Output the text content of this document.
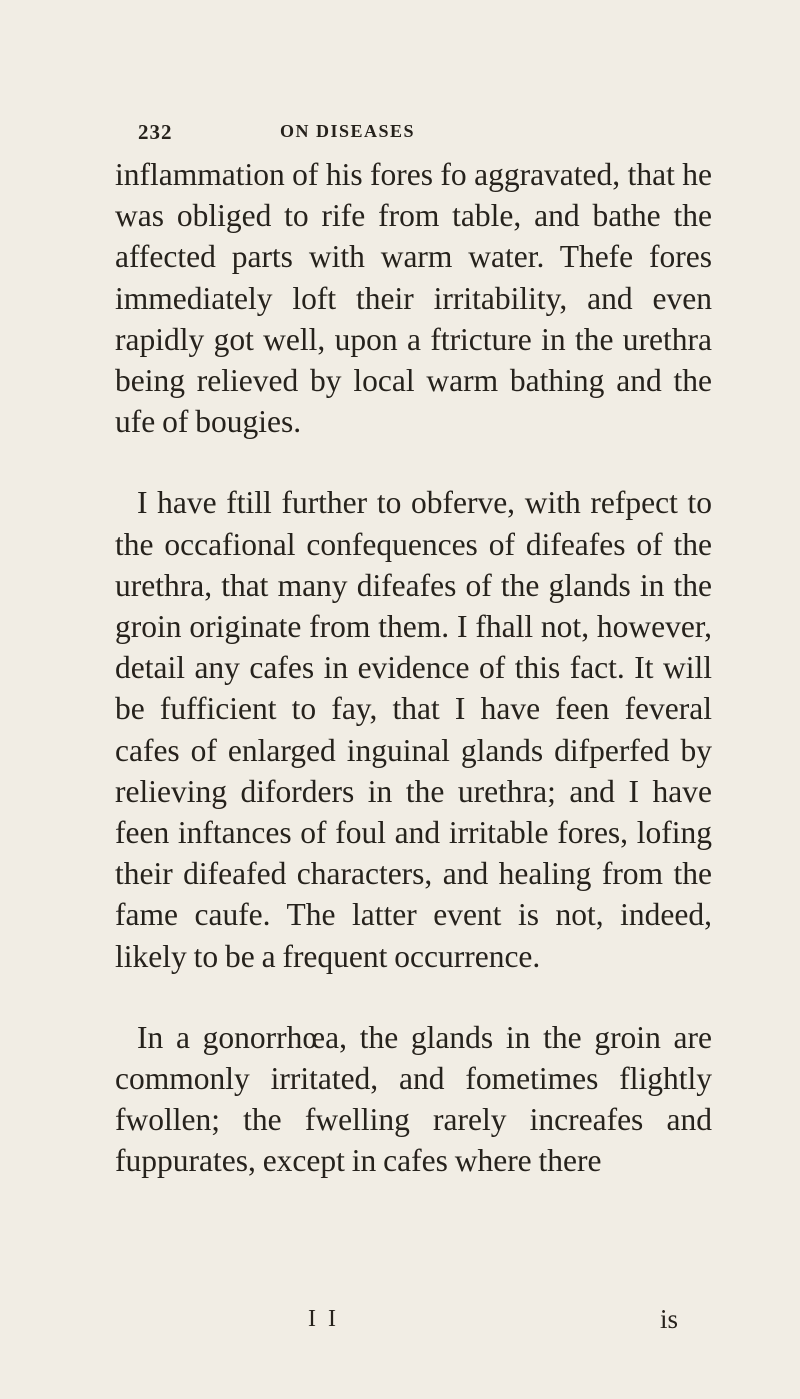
232	ON DISEASES

inflammation of his fores fo aggravated, that he was obliged to rife from table, and bathe the affected parts with warm water. Thefe fores immediately loft their irritability, and even rapidly got well, upon a ftricture in the urethra being relieved by local warm bathing and the ufe of bougies.

I have ftill further to obferve, with refpect to the occafional confequences of difeafes of the urethra, that many difeafes of the glands in the groin originate from them. I fhall not, however, detail any cafes in evidence of this fact. It will be fufficient to fay, that I have feen feveral cafes of enlarged inguinal glands difperfed by relieving diforders in the urethra; and I have feen inftances of foul and irritable fores, lofing their difeafed characters, and healing from the fame caufe. The latter event is not, indeed, likely to be a frequent occurrence.

In a gonorrhœa, the glands in the groin are commonly irritated, and fometimes flightly fwollen; the fwelling rarely increafes and fuppurates, except in cafes where there

I I	is
